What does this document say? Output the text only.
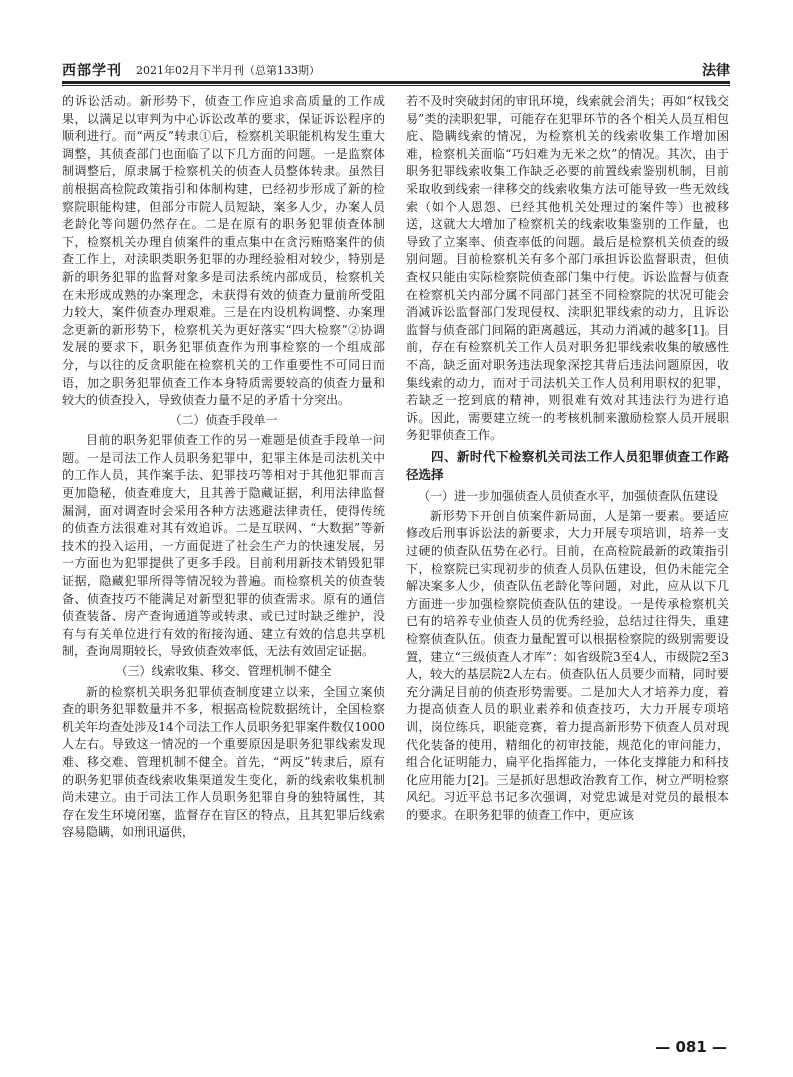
西部学刊 2021年02月下半月刊（总第133期）	法律

的诉讼活动。新形势下，侦查工作应追求高质量的工作成果，以满足以审判为中心诉讼改革的要求，保证诉讼程序的顺利进行。而“两反”转隶①后，检察机关职能机构发生重大调整，其侦查部门也面临了以下几方面的问题。一是监察体制调整后，原隶属于检察机关的侦查人员整体转隶。虽然目前根据高检院政策指引和体制构建，已经初步形成了新的检察院职能构建，但部分市院人员短缺，案多人少，办案人员老龄化等问题仍然存在。二是在原有的职务犯罪侦查体制下，检察机关办理自侦案件的重点集中在贪污贿赂案件的侦查工作上，对渎职类职务犯罪的办理经验相对较少，特别是新的职务犯罪的监督对象多是司法系统内部成员，检察机关在未形成成熟的办案理念，未获得有效的侦查力量前所受阻力较大，案件侦查办理艰难。三是在内设机构调整、办案理念更新的新形势下，检察机关为更好落实“四大检察”②协调发展的要求下，职务犯罪侦查作为刑事检察的一个组成部分，与以往的反贪职能在检察机关的工作重要性不可同日而语，加之职务犯罪侦查工作本身特质需要较高的侦查力量和较大的侦查投入，导致侦查力量不足的矛盾十分突出。

（二）侦查手段单一

目前的职务犯罪侦查工作的另一难题是侦查手段单一问题。一是司法工作人员职务犯罪中，犯罪主体是司法机关中的工作人员，其作案手法、犯罪技巧等相对于其他犯罪而言更加隐秘，侦查难度大，且其善于隐藏证据，利用法律监督漏洞，面对调查时会采用各种方法逃避法律责任，使得传统的侦查方法很难对其有效追诉。二是互联网、“大数据”等新技术的投入运用，一方面促进了社会生产力的快速发展，另一方面也为犯罪提供了更多手段。目前利用新技术销毁犯罪证据，隐藏犯罪所得等情况较为普遍。而检察机关的侦查装备、侦查技巧不能满足对新型犯罪的侦查需求。原有的通信侦查装备、房产查询通道等或转隶、或已过时缺乏维护，没有与有关单位进行有效的衔接沟通、建立有效的信息共享机制，查询周期较长，导致侦查效率低，无法有效固定证据。

（三）线索收集、移交、管理机制不健全

新的检察机关职务犯罪侦查制度建立以来，全国立案侦查的职务犯罪数量并不多，根据高检院数据统计，全国检察机关年均查处涉及14个司法工作人员职务犯罪案件数仅1000人左右。导致这一情况的一个重要原因是职务犯罪线索发现难、移交难、管理机制不健全。首先，“两反”转隶后，原有的职务犯罪侦查线索收集渠道发生变化，新的线索收集机制尚未建立。由于司法工作人员职务犯罪自身的独特属性，其存在发生环境闭塞，监督存在盲区的特点，且其犯罪后线索容易隐瞒，如刑讯逼供，

若不及时突破封闭的审讯环境，线索就会消失；再如“权钱交易”类的渎职犯罪，可能存在犯罪环节的各个相关人员互相包庇、隐瞒线索的情况，为检察机关的线索收集工作增加困难，检察机关面临“巧妇难为无米之炊”的情况。其次，由于职务犯罪线索收集工作缺乏必要的前置线索鉴别机制，目前采取收到线索一律移交的线索收集方法可能导致一些无效线索（如个人恩怨、已经其他机关处理过的案件等）也被移送，这就大大增加了检察机关的线索收集鉴别的工作量，也导致了立案率、侦查率低的问题。最后是检察机关侦查的级别问题。目前检察机关有多个部门承担诉讼监督职责，但侦查权只能由实际检察院侦查部门集中行使。诉讼监督与侦查在检察机关内部分属不同部门甚至不同检察院的状况可能会消减诉讼监督部门发现侵权、渎职犯罪线索的动力，且诉讼监督与侦查部门间隔的距离越远，其动力消减的越多[1]。目前，存在有检察机关工作人员对职务犯罪线索收集的敏感性不高，缺乏面对职务违法现象深挖其背后违法问题原因，收集线索的动力，而对于司法机关工作人员利用职权的犯罪，若缺乏一挖到底的精神，则很难有效对其违法行为进行追诉。因此，需要建立统一的考核机制来激励检察人员开展职务犯罪侦查工作。

四、新时代下检察机关司法工作人员犯罪侦查工作路径选择
（一）进一步加强侦查人员侦查水平，加强侦查队伍建设

新形势下开创自侦案件新局面，人是第一要素。要适应修改后刑事诉讼法的新要求，大力开展专项培训，培养一支过硬的侦查队伍势在必行。目前，在高检院最新的政策指引下，检察院已实现初步的侦查人员队伍建设，但仍未能完全解决案多人少，侦查队伍老龄化等问题，对此，应从以下几方面进一步加强检察院侦查队伍的建设。一是传承检察机关已有的培养专业侦查人员的优秀经验，总结过往得失，重建检察侦查队伍。侦查力量配置可以根据检察院的级别需要设置，建立“三级侦查人才库”：如省级院3至4人，市级院2至3人，较大的基层院2人左右。侦查队伍人员要少而精，同时要充分满足目前的侦查形势需要。二是加大人才培养力度，着力提高侦查人员的职业素养和侦查技巧，大力开展专项培训，岗位练兵，职能竞赛，着力提高新形势下侦查人员对现代化装备的使用，精细化的初审技能，规范化的审问能力，组合化证明能力，扁平化指挥能力，一体化支撑能力和科技化应用能力[2]。三是抓好思想政治教育工作，树立严明检察风纪。习近平总书记多次强调，对党忠诚是对党员的最根本的要求。在职务犯罪的侦查工作中，更应该

— 081 —
